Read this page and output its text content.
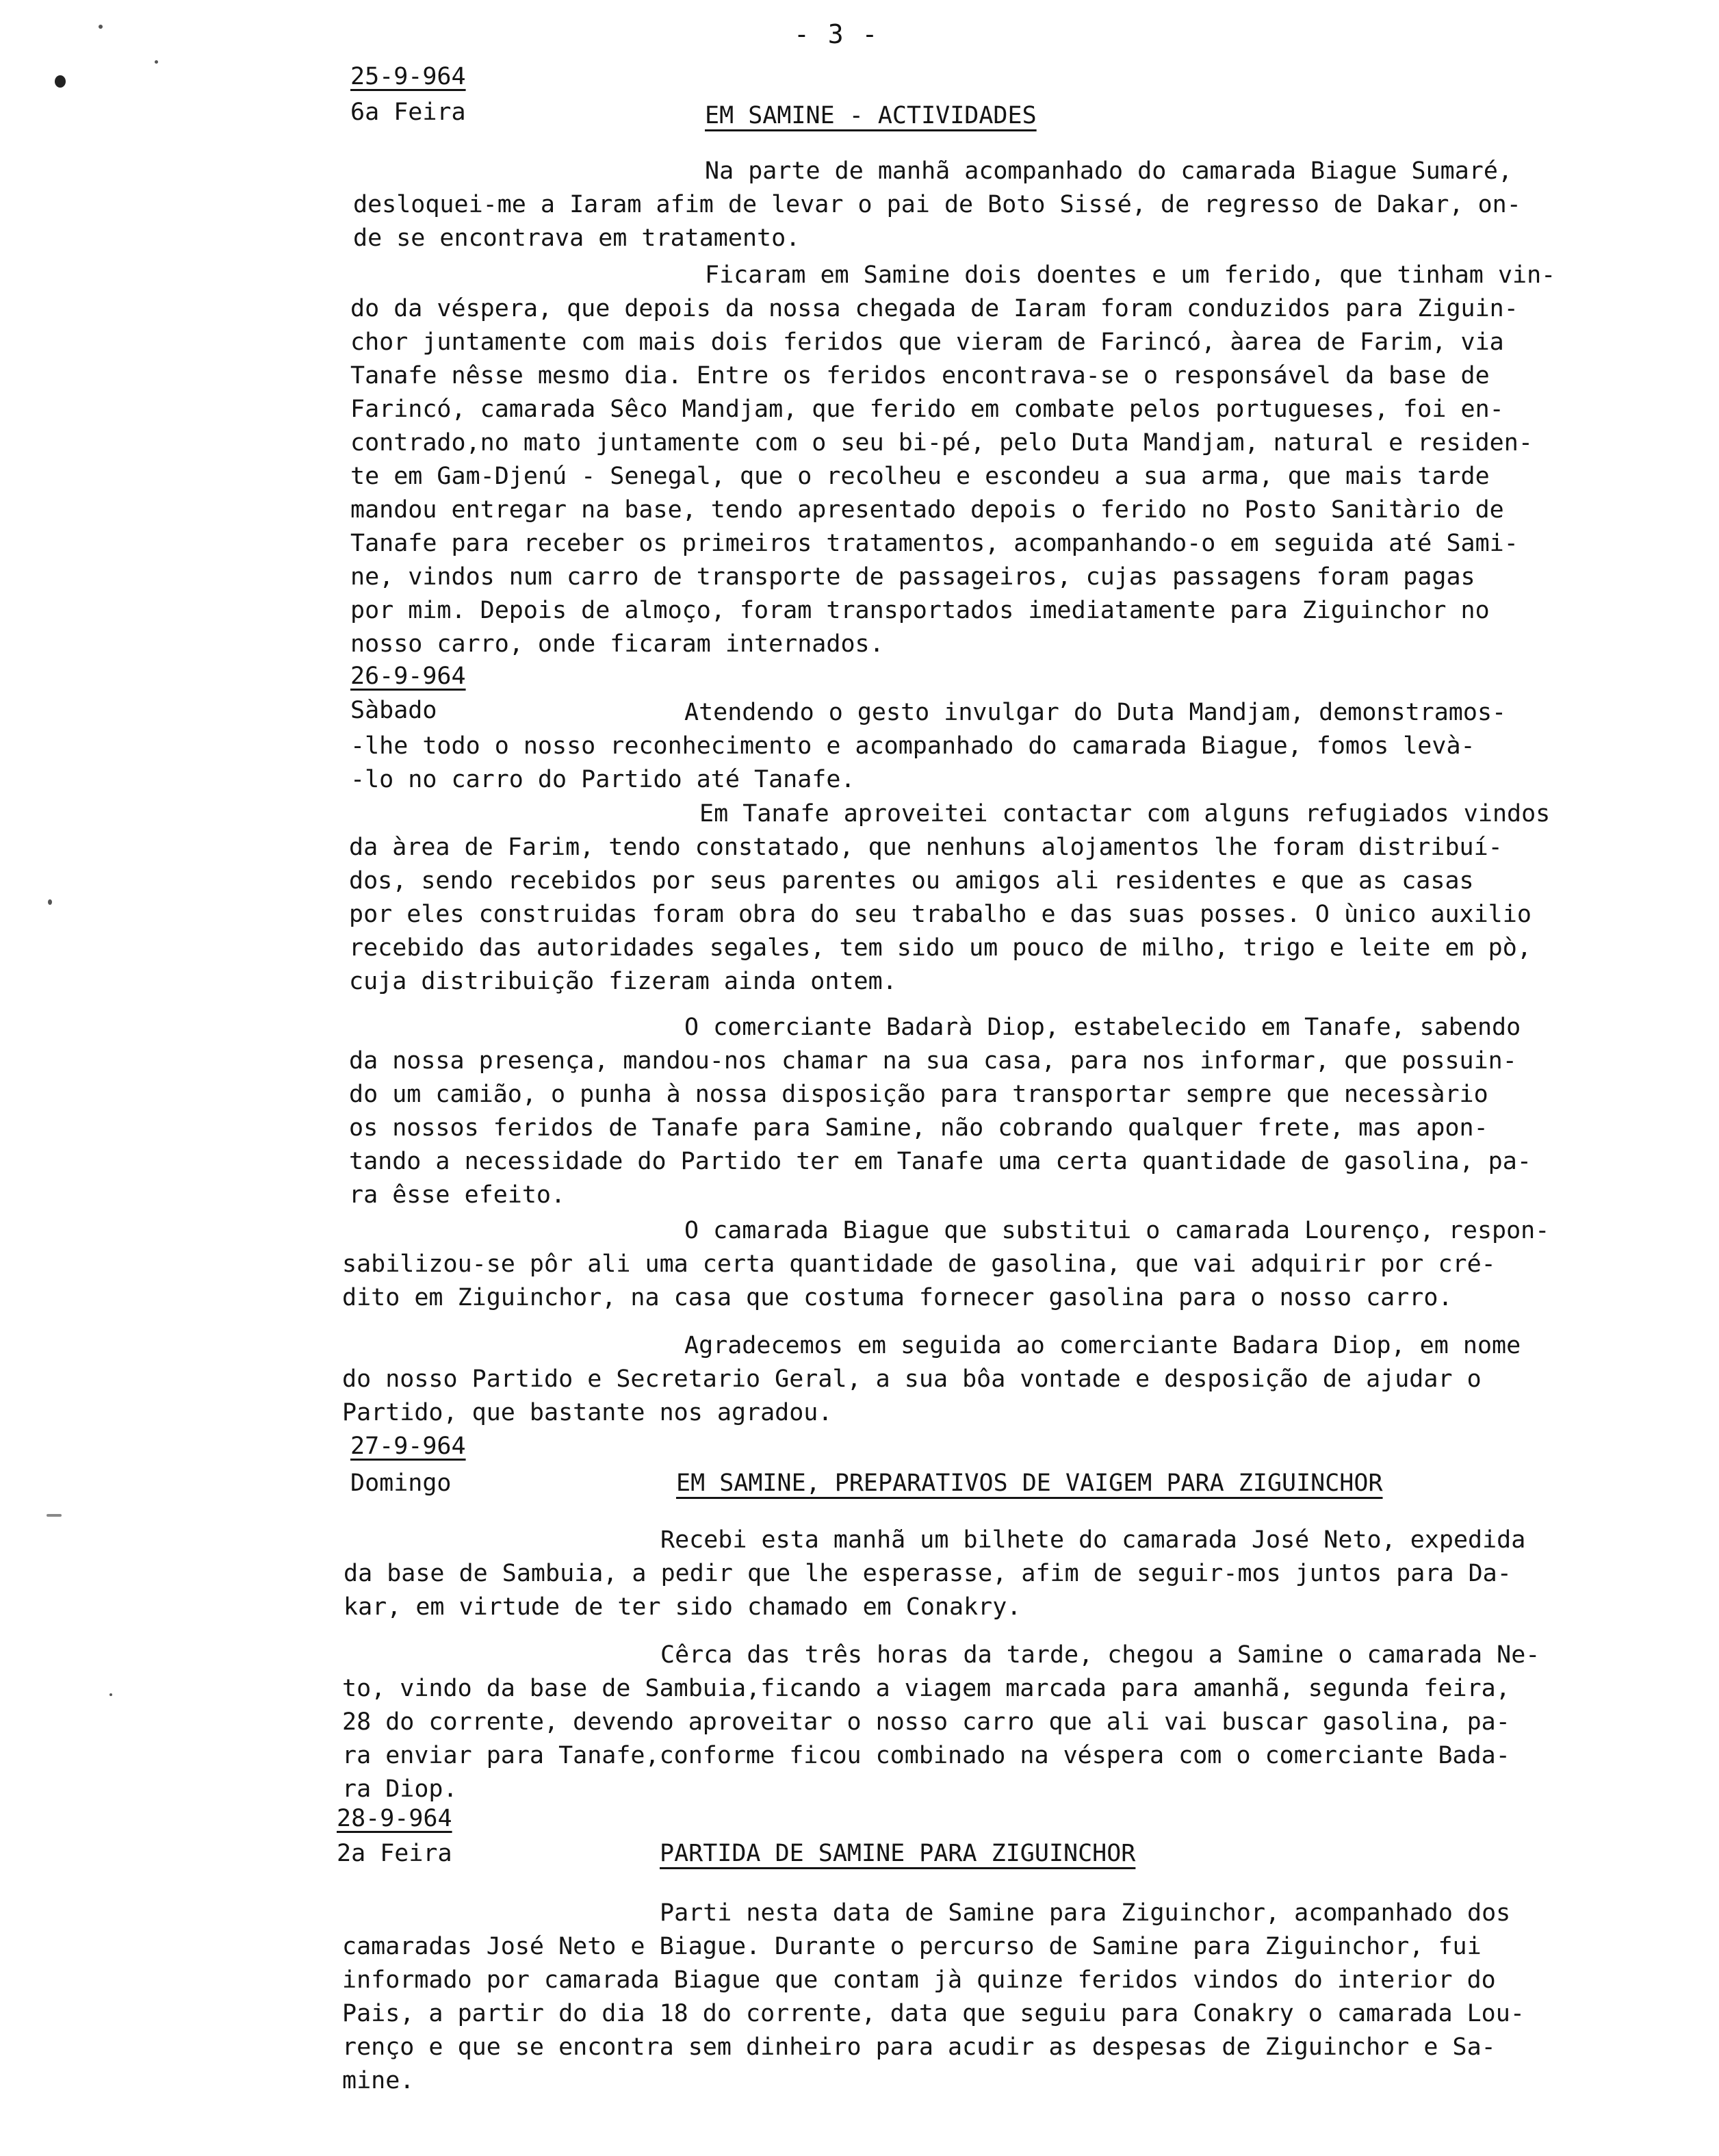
- 3 -
25-9-964
6a Feira	EM SAMINE - ACTIVIDADES
Na parte de manhã acompanhado do camarada Biague Sumaré,
desloquei-me a Iaram afim de levar o pai de Boto Sissé, de regresso de Dakar, on-
de se encontrava em tratamento.
Ficaram em Samine dois doentes e um ferido, que tinham vin-
do da véspera, que depois da nossa chegada de Iaram foram conduzidos para Ziguin-
chor juntamente com mais dois feridos que vieram de Farincó, àarea de Farim, via
Tanafe nêsse mesmo dia. Entre os feridos encontrava-se o responsável da base de
Farincó, camarada Sêco Mandjam, que ferido em combate pelos portugueses, foi en-
contrado,no mato juntamente com o seu bi-pé, pelo Duta Mandjam, natural e residen-
te em Gam-Djenú - Senegal, que o recolheu e escondeu a sua arma, que mais tarde
mandou entregar na base, tendo apresentado depois o ferido no Posto Sanitàrio de
Tanafe para receber os primeiros tratamentos, acompanhando-o em seguida até Sami-
ne, vindos num carro de transporte de passageiros, cujas passagens foram pagas
por mim. Depois de almoço, foram transportados imediatamente para Ziguinchor no
nosso carro, onde ficaram internados.
26-9-964
Sàbado	Atendendo o gesto invulgar do Duta Mandjam, demonstramos-
-lhe todo o nosso reconhecimento e acompanhado do camarada Biague, fomos levà-
-lo no carro do Partido até Tanafe.
Em Tanafe aproveitei contactar com alguns refugiados vindos
da àrea de Farim, tendo constatado, que nenhuns alojamentos lhe foram distribuí-
dos, sendo recebidos por seus parentes ou amigos ali residentes e que as casas
por eles construidas foram obra do seu trabalho e das suas posses. O ùnico auxilio
recebido das autoridades segales, tem sido um pouco de milho, trigo e leite em pò,
cuja distribuição fizeram ainda ontem.
O comerciante Badarà Diop, estabelecido em Tanafe, sabendo
da nossa presença, mandou-nos chamar na sua casa, para nos informar, que possuin-
do um camião, o punha à nossa disposição para transportar sempre que necessàrio
os nossos feridos de Tanafe para Samine, não cobrando qualquer frete, mas apon-
tando a necessidade do Partido ter em Tanafe uma certa quantidade de gasolina, pa-
ra êsse efeito.
O camarada Biague que substitui o camarada Lourenço, respon-
sabilizou-se pôr ali uma certa quantidade de gasolina, que vai adquirir por cré-
dito em Ziguinchor, na casa que costuma fornecer gasolina para o nosso carro.
Agradecemos em seguida ao comerciante Badara Diop, em nome
do nosso Partido e Secretario Geral, a sua bôa vontade e desposição de ajudar o
Partido, que bastante nos agradou.
27-9-964
Domingo	EM SAMINE, PREPARATIVOS DE VAIGEM PARA ZIGUINCHOR
Recebi esta manhã um bilhete do camarada José Neto, expedida
da base de Sambuia, a pedir que lhe esperasse, afim de seguir-mos juntos para Da-
kar, em virtude de ter sido chamado em Conakry.
Cêrca das três horas da tarde, chegou a Samine o camarada Ne-
to, vindo da base de Sambuia,ficando a viagem marcada para amanhã, segunda feira,
28 do corrente, devendo aproveitar o nosso carro que ali vai buscar gasolina, pa-
ra enviar para Tanafe,conforme ficou combinado na véspera com o comerciante Bada-
ra Diop.
28-9-964
2a Feira	PARTIDA DE SAMINE PARA ZIGUINCHOR
Parti nesta data de Samine para Ziguinchor, acompanhado dos
camaradas José Neto e Biague. Durante o percurso de Samine para Ziguinchor, fui
informado por camarada Biague que contam jà quinze feridos vindos do interior do
Pais, a partir do dia 18 do corrente, data que seguiu para Conakry o camarada Lou-
renço e que se encontra sem dinheiro para acudir as despesas de Ziguinchor e Sa-
mine.
